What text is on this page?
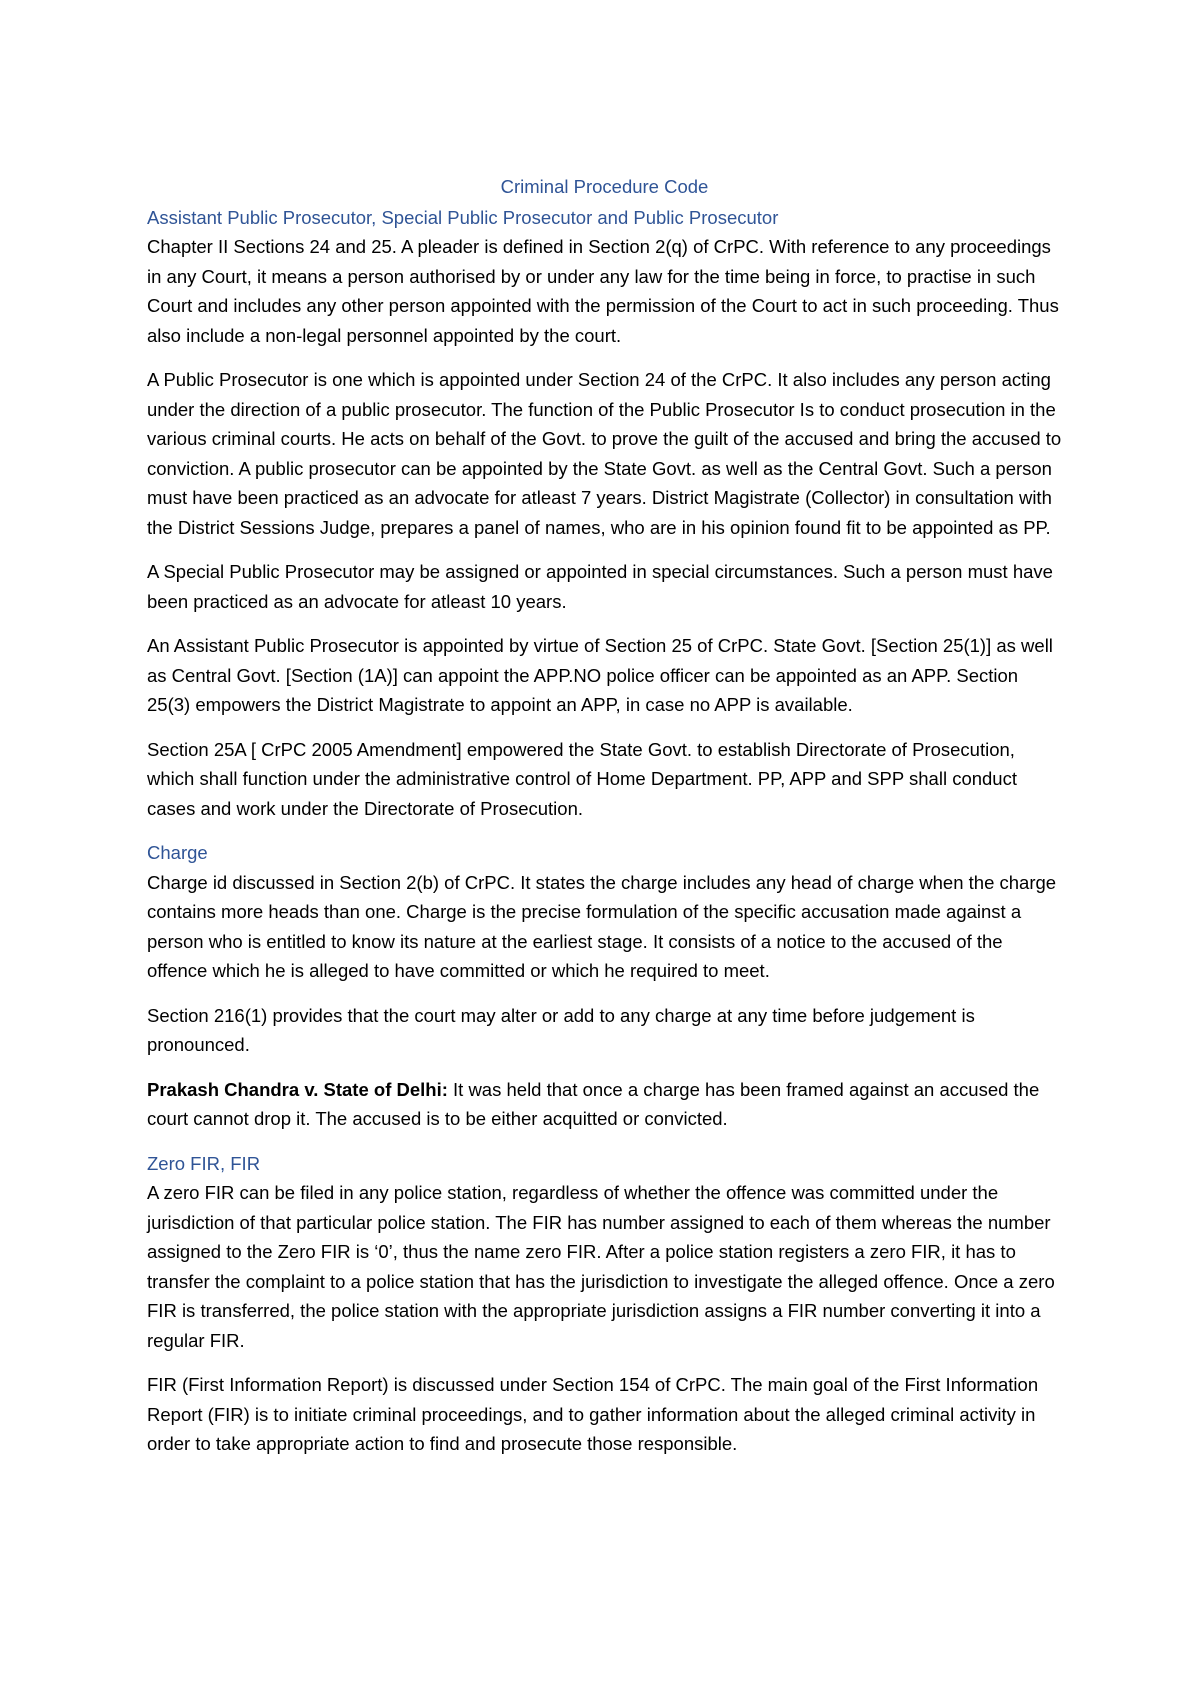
Criminal Procedure Code
Assistant Public Prosecutor, Special Public Prosecutor and Public Prosecutor

Chapter II Sections 24 and 25. A pleader is defined in Section 2(q) of CrPC. With reference to any proceedings in any Court, it means a person authorised by or under any law for the time being in force, to practise in such Court and includes any other person appointed with the permission of the Court to act in such proceeding. Thus also include a non-legal personnel appointed by the court.

A Public Prosecutor is one which is appointed under Section 24 of the CrPC. It also includes any person acting under the direction of a public prosecutor. The function of the Public Prosecutor Is to conduct prosecution in the various criminal courts. He acts on behalf of the Govt. to prove the guilt of the accused and bring the accused to conviction. A public prosecutor can be appointed by the State Govt. as well as the Central Govt. Such a person must have been practiced as an advocate for atleast 7 years. District Magistrate (Collector) in consultation with the District Sessions Judge, prepares a panel of names, who are in his opinion found fit to be appointed as PP.

A Special Public Prosecutor may be assigned or appointed in special circumstances. Such a person must have been practiced as an advocate for atleast 10 years.

An Assistant Public Prosecutor is appointed by virtue of Section 25 of CrPC. State Govt. [Section 25(1)] as well as Central Govt. [Section (1A)] can appoint the APP.NO police officer can be appointed as an APP. Section 25(3) empowers the District Magistrate to appoint an APP, in case no APP is available.

Section 25A [ CrPC 2005 Amendment] empowered the State Govt. to establish Directorate of Prosecution, which shall function under the administrative control of Home Department. PP, APP and SPP shall conduct cases and work under the Directorate of Prosecution.

Charge

Charge id discussed in Section 2(b) of CrPC. It states the charge includes any head of charge when the charge contains more heads than one. Charge is the precise formulation of the specific accusation made against a person who is entitled to know its nature at the earliest stage. It consists of a notice to the accused of the offence which he is alleged to have committed or which he required to meet.

Section 216(1) provides that the court may alter or add to any charge at any time before judgement is pronounced.

Prakash Chandra v. State of Delhi: It was held that once a charge has been framed against an accused the court cannot drop it. The accused is to be either acquitted or convicted.

Zero FIR, FIR

A zero FIR can be filed in any police station, regardless of whether the offence was committed under the jurisdiction of that particular police station. The FIR has number assigned to each of them whereas the number assigned to the Zero FIR is ‘0’, thus the name zero FIR. After a police station registers a zero FIR, it has to transfer the complaint to a police station that has the jurisdiction to investigate the alleged offence. Once a zero FIR is transferred, the police station with the appropriate jurisdiction assigns a FIR number converting it into a regular FIR.

FIR (First Information Report) is discussed under Section 154 of CrPC. The main goal of the First Information Report (FIR) is to initiate criminal proceedings, and to gather information about the alleged criminal activity in order to take appropriate action to find and prosecute those responsible.
